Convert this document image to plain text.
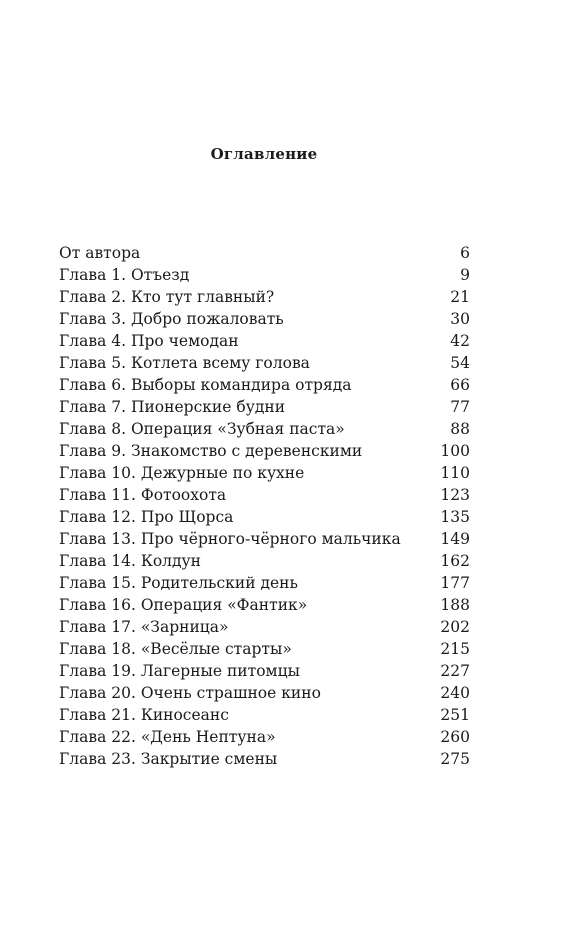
Оглавление
От автора	6
Глава 1. Отъезд	9
Глава 2. Кто тут главный?	21
Глава 3. Добро пожаловать	30
Глава 4. Про чемодан	42
Глава 5. Котлета всему голова	54
Глава 6. Выборы командира отряда	66
Глава 7. Пионерские будни	77
Глава 8. Операция «Зубная паста»	88
Глава 9. Знакомство с деревенскими	100
Глава 10. Дежурные по кухне	110
Глава 11. Фотоохота	123
Глава 12. Про Щорса	135
Глава 13. Про чёрного-чёрного мальчика	149
Глава 14. Колдун	162
Глава 15. Родительский день	177
Глава 16. Операция «Фантик»	188
Глава 17. «Зарница»	202
Глава 18. «Весёлые старты»	215
Глава 19. Лагерные питомцы	227
Глава 20. Очень страшное кино	240
Глава 21. Киносеанс	251
Глава 22. «День Нептуна»	260
Глава 23. Закрытие смены	275
